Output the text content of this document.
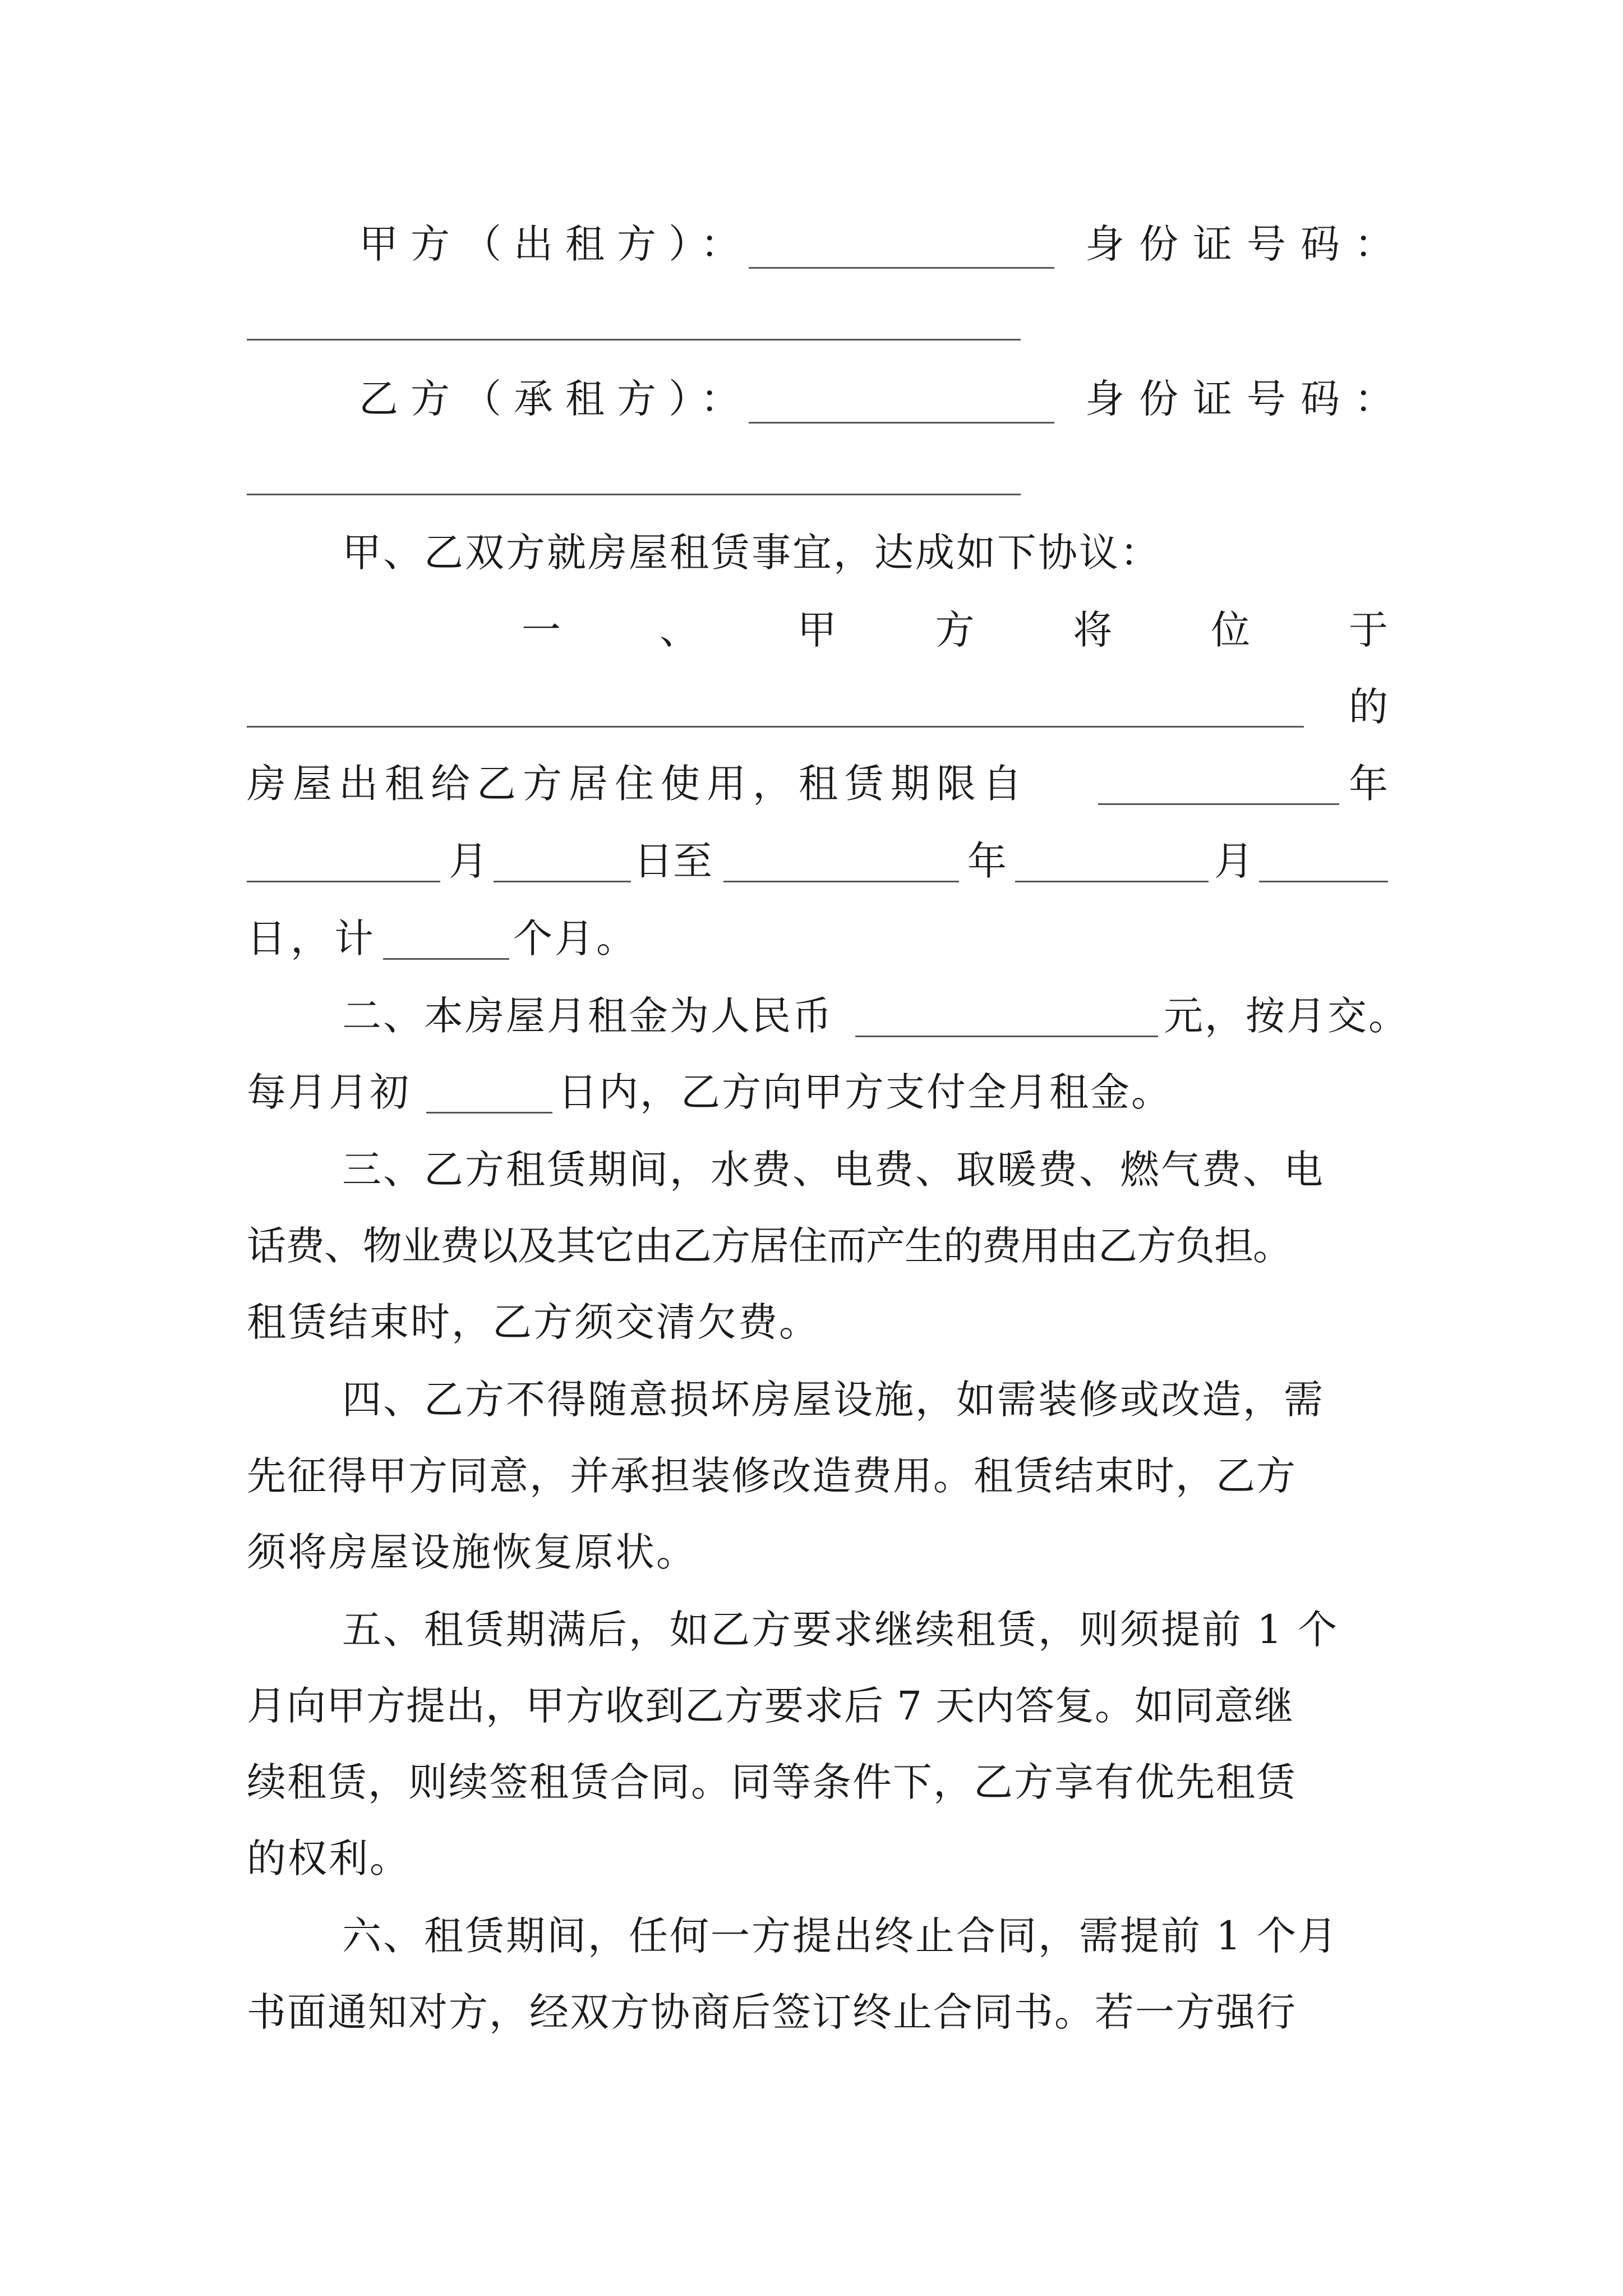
甲方（出租方）：	身份证号码：
乙方（承租方）：	身份证号码：
甲、乙双方就房屋租赁事宜，达成如下协议：
一	、	甲	方	将	位	于
的
房屋出租给乙方居住使用，租赁期限自	年
月	日至	年	月
日，计	个月。
二、本房屋月租金为人民币	元，按月交。
每月月初	日内，乙方向甲方支付全月租金。
三、乙方租赁期间，水费、电费、取暖费、燃气费、电
话费、物业费以及其它由乙方居住而产生的费用由乙方负担。
租赁结束时，乙方须交清欠费。
四、乙方不得随意损坏房屋设施，如需装修或改造，需
先征得甲方同意，并承担装修改造费用。租赁结束时，乙方
须将房屋设施恢复原状。
五、租赁期满后，如乙方要求继续租赁，则须提前 1 个
月向甲方提出，甲方收到乙方要求后 7 天内答复。如同意继
续租赁，则续签租赁合同。同等条件下，乙方享有优先租赁
的权利。
六、租赁期间，任何一方提出终止合同，需提前 1 个月
书面通知对方，经双方协商后签订终止合同书。若一方强行
